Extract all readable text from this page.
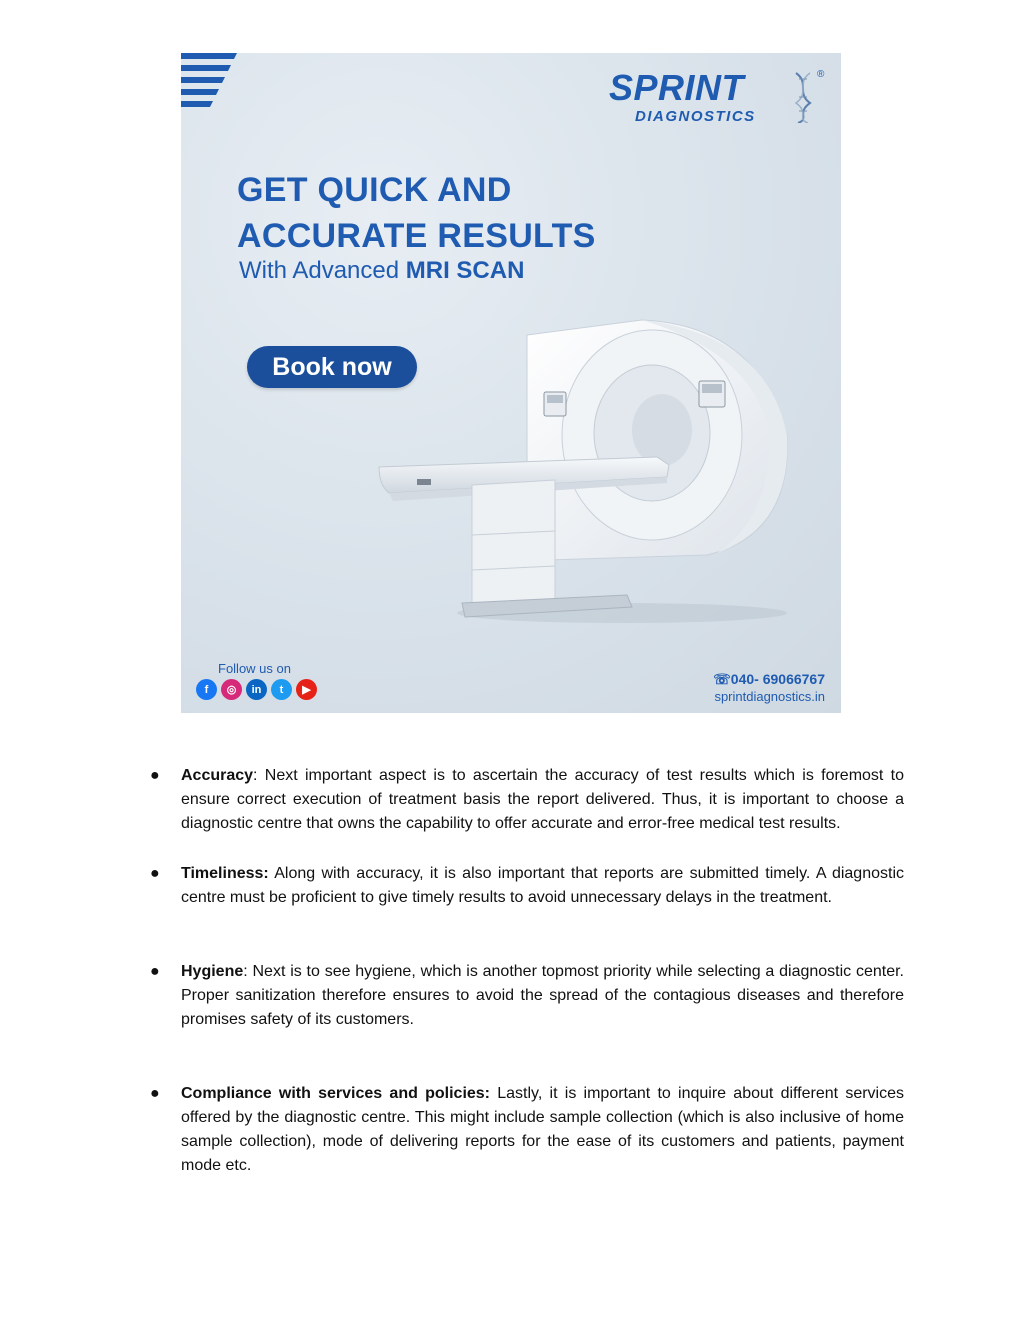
SPRINT	®
DIAGNOSTICS
GET QUICK AND
ACCURATE RESULTS
With Advanced MRI SCAN
Book now
Follow us on
f	◎	in	t	▶
☏040- 69066767
sprintdiagnostics.in
● Accuracy: Next important aspect is to ascertain the accuracy of test results which is foremost to ensure correct execution of treatment basis the report delivered. Thus, it is important to choose a diagnostic centre that owns the capability to offer accurate and error-free medical test results.
● Timeliness: Along with accuracy, it is also important that reports are submitted timely. A diagnostic centre must be proficient to give timely results to avoid unnecessary delays in the treatment.
● Hygiene: Next is to see hygiene, which is another topmost priority while selecting a diagnostic center. Proper sanitization therefore ensures to avoid the spread of the contagious diseases and therefore promises safety of its customers.
● Compliance with services and policies: Lastly, it is important to inquire about different services offered by the diagnostic centre. This might include sample collection (which is also inclusive of home sample collection), mode of delivering reports for the ease of its customers and patients, payment mode etc.
